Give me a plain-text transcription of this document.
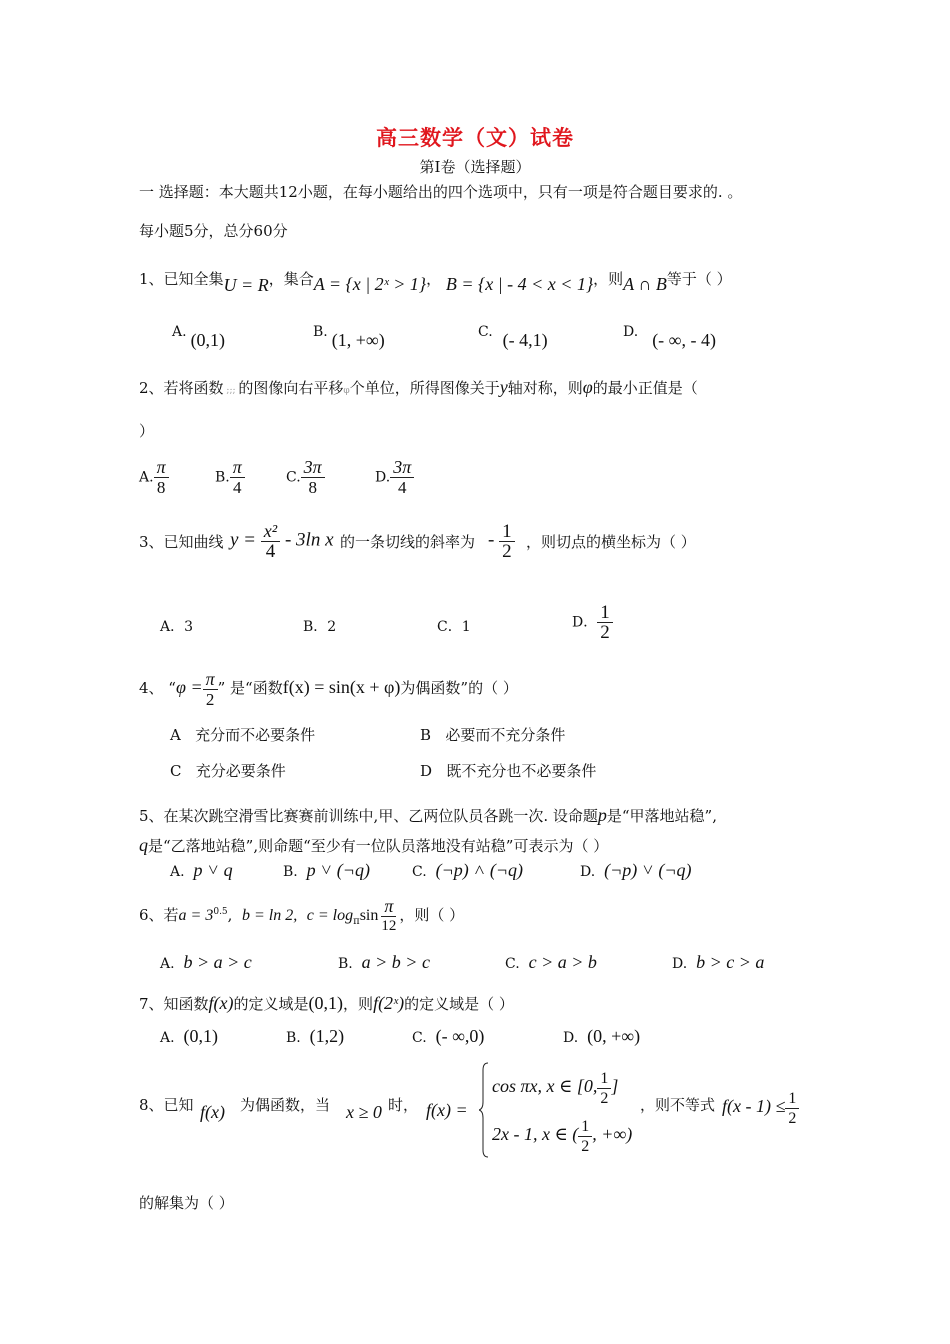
高三数学（文）试卷
第I卷（选择题）
一 选择题：本大题共12小题，在每小题给出的四个选项中，只有一项是符合题目要求的. 。
每小题5分，总分60分
1、已知全集U = R，集合A = {x | 2ˣ > 1}， B = {x | - 4 < x < 1}，则A ∩ B等于（ ）
A. (0,1)	B. (1, +∞)	C. (- 4,1)	D. (- ∞, - 4)
2、若将函数 ;;; 的图像向右平移φ个单位，所得图像关于y轴对称，则φ的最小正值是（
）
A. $\frac{\pi}{8}$	B. $\frac{\pi}{4}$	C. $\frac{3\pi}{8}$	D. $\frac{3\pi}{4}$
3、已知曲线 $y = \frac{\text{x²}}{4} - 3\ln$ x 的一条切线的斜率为 - $\frac{1}{2}$ ，则切点的横坐标为（ ）
A．3	B．2	C．1	D． $\frac{1}{2}$
4、 “$\varphi = \frac{\pi}{2}$ ” 是“函数f(x) = sin(x + φ)为偶函数”的（ ）
A 充分而不必要条件	B 必要而不充分条件
C 充分必要条件	D 既不充分也不必要条件
5、在某次跳空滑雪比赛赛前训练中,甲、乙两位队员各跳一次. 设命题p是“甲落地站稳”,
q是“乙落地站稳”,则命题“至少有一位队员落地没有站稳”可表示为（ ）
A. p ˅ q	B. p ˅ (¬q)	C. (¬p) ˄ (¬q)	D. (¬p) ˅ (¬q)
6、若$a = 3^{0.5}$,  b = ln 2, $c = \log_\pi\sin \frac{\pi}{12}$ ，则（ ）
A. b > a > c	B. a > b > c	C. c > a > b	D. b > c > a
7、知函数f(x)的定义域是(0,1)，则f(2ˣ)的定义域是（ ）
A. (0,1)	B. (1,2)	C. (- ∞,0)	D. (0, +∞)
8、已知 f(x) 为偶函数，当 x ≥ 0 时， f(x) =
cos πx, x ∈ [0, $\frac{1}{2}$ ]
2x - 1, x ∈ ( $\frac{1}{2}$ , +∞)
，则不等式 $f(x - 1) \le \frac{1}{2}$
的解集为（ ）
